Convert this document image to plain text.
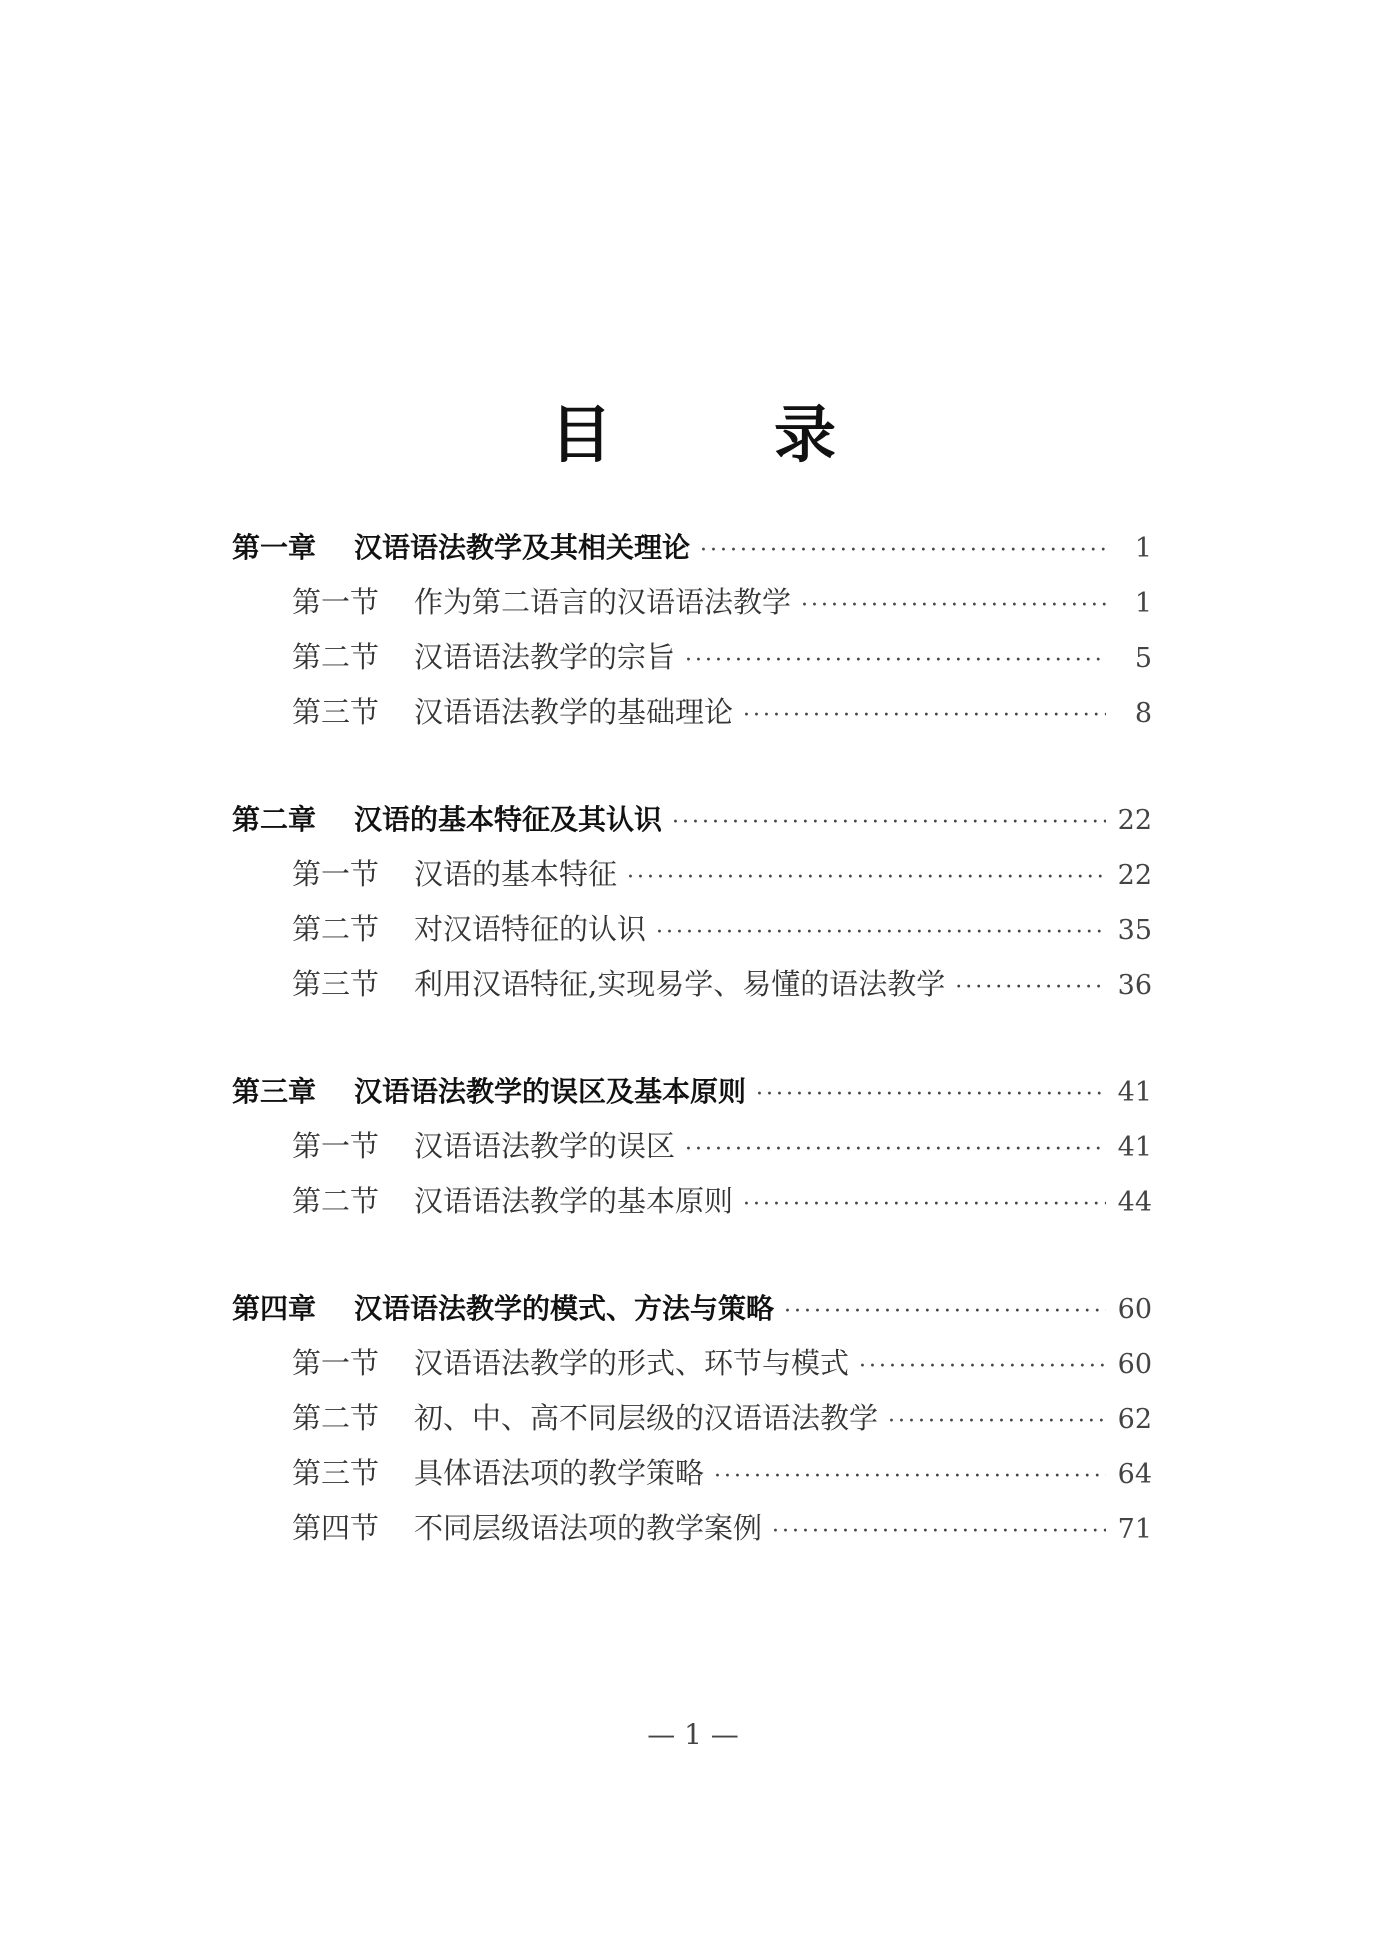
目　录
第一章	汉语语法教学及其相关理论 ·····	1
第一节	作为第二语言的汉语语法教学 ·····	1
第二节	汉语语法教学的宗旨 ·····	5
第三节	汉语语法教学的基础理论 ·····	8
第二章	汉语的基本特征及其认识 ·····	22
第一节	汉语的基本特征 ·····	22
第二节	对汉语特征的认识 ·····	35
第三节	利用汉语特征,实现易学、易懂的语法教学 ·····	36
第三章	汉语语法教学的误区及基本原则 ·····	41
第一节	汉语语法教学的误区 ·····	41
第二节	汉语语法教学的基本原则 ·····	44
第四章	汉语语法教学的模式、方法与策略 ·····	60
第一节	汉语语法教学的形式、环节与模式 ·····	60
第二节	初、中、高不同层级的汉语语法教学 ·····	62
第三节	具体语法项的教学策略 ·····	64
第四节	不同层级语法项的教学案例 ·····	71
— 1 —
